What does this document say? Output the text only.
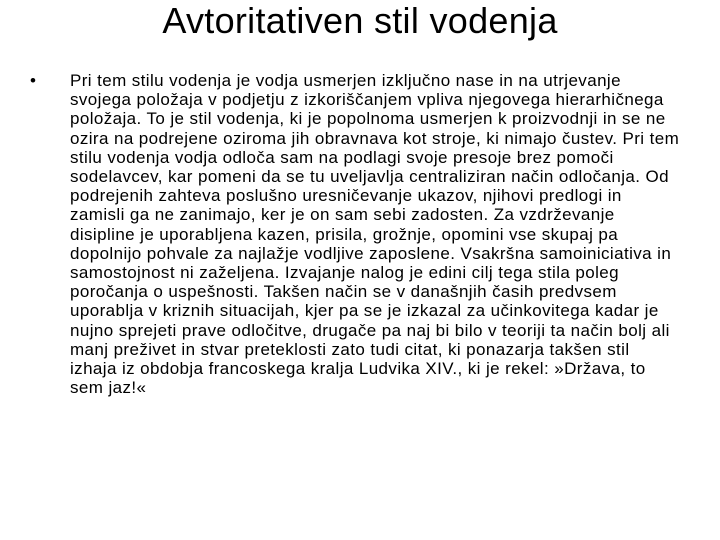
Avtoritativen stil vodenja
• Pri tem stilu vodenja je vodja usmerjen izključno nase in na utrjevanje svojega položaja v podjetju z izkoriščanjem vpliva njegovega hierarhičnega položaja. To je stil vodenja, ki je popolnoma usmerjen k proizvodnji in se ne ozira na podrejene oziroma jih obravnava kot stroje, ki nimajo čustev. Pri tem stilu vodenja vodja odloča sam na podlagi svoje presoje brez pomoči sodelavcev, kar pomeni da se tu uveljavlja centraliziran način odločanja. Od podrejenih zahteva poslušno uresničevanje ukazov, njihovi predlogi in zamisli ga ne zanimajo, ker je on sam sebi zadosten. Za vzdrževanje disipline je uporabljena kazen, prisila, grožnje, opomini vse skupaj pa dopolnijo pohvale za najlažje vodljive zaposlene. Vsakršna samoiniciativa in samostojnost ni zaželjena. Izvajanje nalog je edini cilj tega stila poleg poročanja o uspešnosti. Takšen način se v današnjih časih predvsem uporablja v kriznih situacijah, kjer pa se je izkazal za učinkovitega kadar je nujno sprejeti prave odločitve, drugače pa naj bi bilo v teoriji ta način bolj ali manj preživet in stvar preteklosti zato tudi citat, ki ponazarja takšen stil izhaja iz obdobja francoskega kralja Ludvika XIV., ki je rekel: »Država, to sem jaz!«
